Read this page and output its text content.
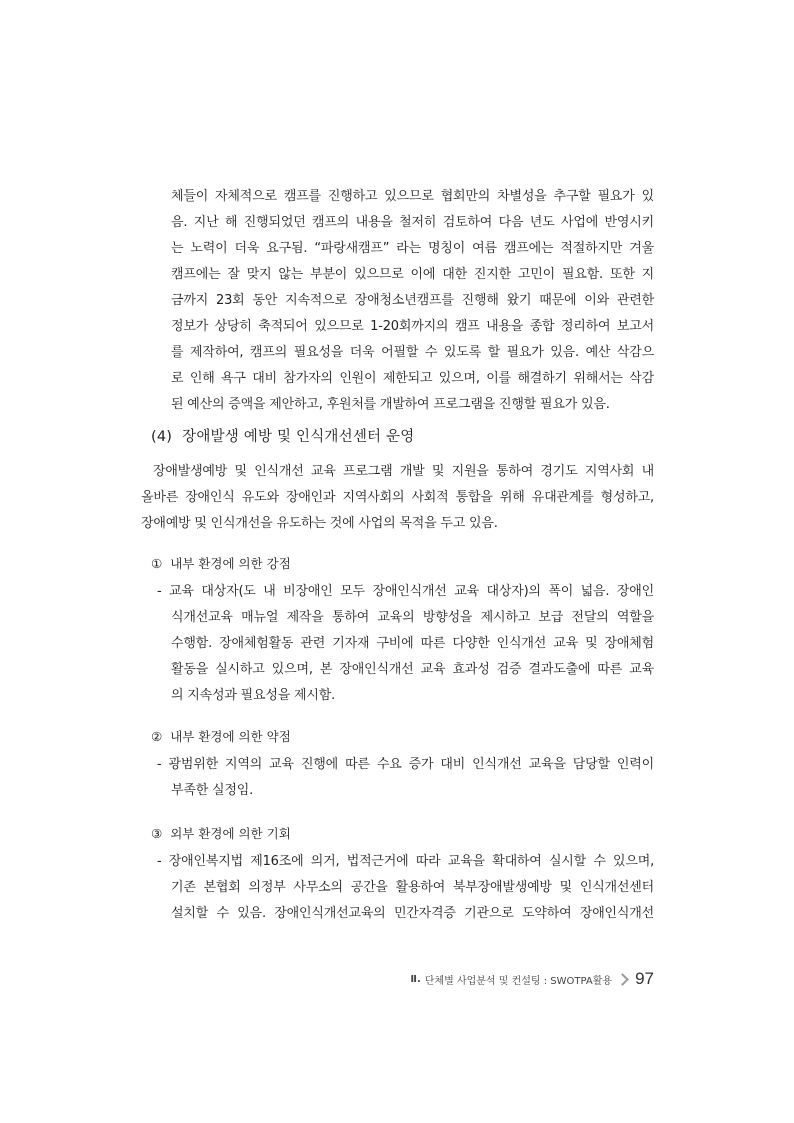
체들이 자체적으로 캠프를 진행하고 있으므로 협회만의 차별성을 추구할 필요가 있
음. 지난 해 진행되었던 캠프의 내용을 철저히 검토하여 다음 년도 사업에 반영시키
는 노력이 더욱 요구됨. “파랑새캠프” 라는 명칭이 여름 캠프에는 적절하지만 겨울
캠프에는 잘 맞지 않는 부분이 있으므로 이에 대한 진지한 고민이 필요함. 또한 지
금까지 23회 동안 지속적으로 장애청소년캠프를 진행해 왔기 때문에 이와 관련한
정보가 상당히 축적되어 있으므로 1-20회까지의 캠프 내용을 종합 정리하여 보고서
를 제작하여, 캠프의 필요성을 더욱 어필할 수 있도록 할 필요가 있음. 예산 삭감으
로 인해 욕구 대비 참가자의 인원이 제한되고 있으며, 이를 해결하기 위해서는 삭감
된 예산의 증액을 제안하고, 후원처를 개발하여 프로그램을 진행할 필요가 있음.
(4) 장애발생 예방 및 인식개선센터 운영
장애발생예방 및 인식개선 교육 프로그램 개발 및 지원을 통하여 경기도 지역사회 내
올바른 장애인식 유도와 장애인과 지역사회의 사회적 통합을 위해 유대관계를 형성하고,
장애예방 및 인식개선을 유도하는 것에 사업의 목적을 두고 있음.
① 내부 환경에 의한 강점
- 교육 대상자(도 내 비장애인 모두 장애인식개선 교육 대상자)의 폭이 넓음. 장애인
식개선교육 매뉴얼 제작을 통하여 교육의 방향성을 제시하고 보급 전달의 역할을
수행함. 장애체험활동 관련 기자재 구비에 따른 다양한 인식개선 교육 및 장애체험
활동을 실시하고 있으며, 본 장애인식개선 교육 효과성 검증 결과도출에 따른 교육
의 지속성과 필요성을 제시함.
② 내부 환경에 의한 약점
- 광범위한 지역의 교육 진행에 따른 수요 증가 대비 인식개선 교육을 담당할 인력이
부족한 실정임.
③ 외부 환경에 의한 기회
- 장애인복지법 제16조에 의거, 법적근거에 따라 교육을 확대하여 실시할 수 있으며,
기존 본협회 의정부 사무소의 공간을 활용하여 북부장애발생예방 및 인식개선센터
설치할 수 있음. 장애인식개선교육의 민간자격증 기관으로 도약하여 장애인식개선
Ⅱ. 단체별 사업분석 및 컨설팅 : SWOTPA활용 97
